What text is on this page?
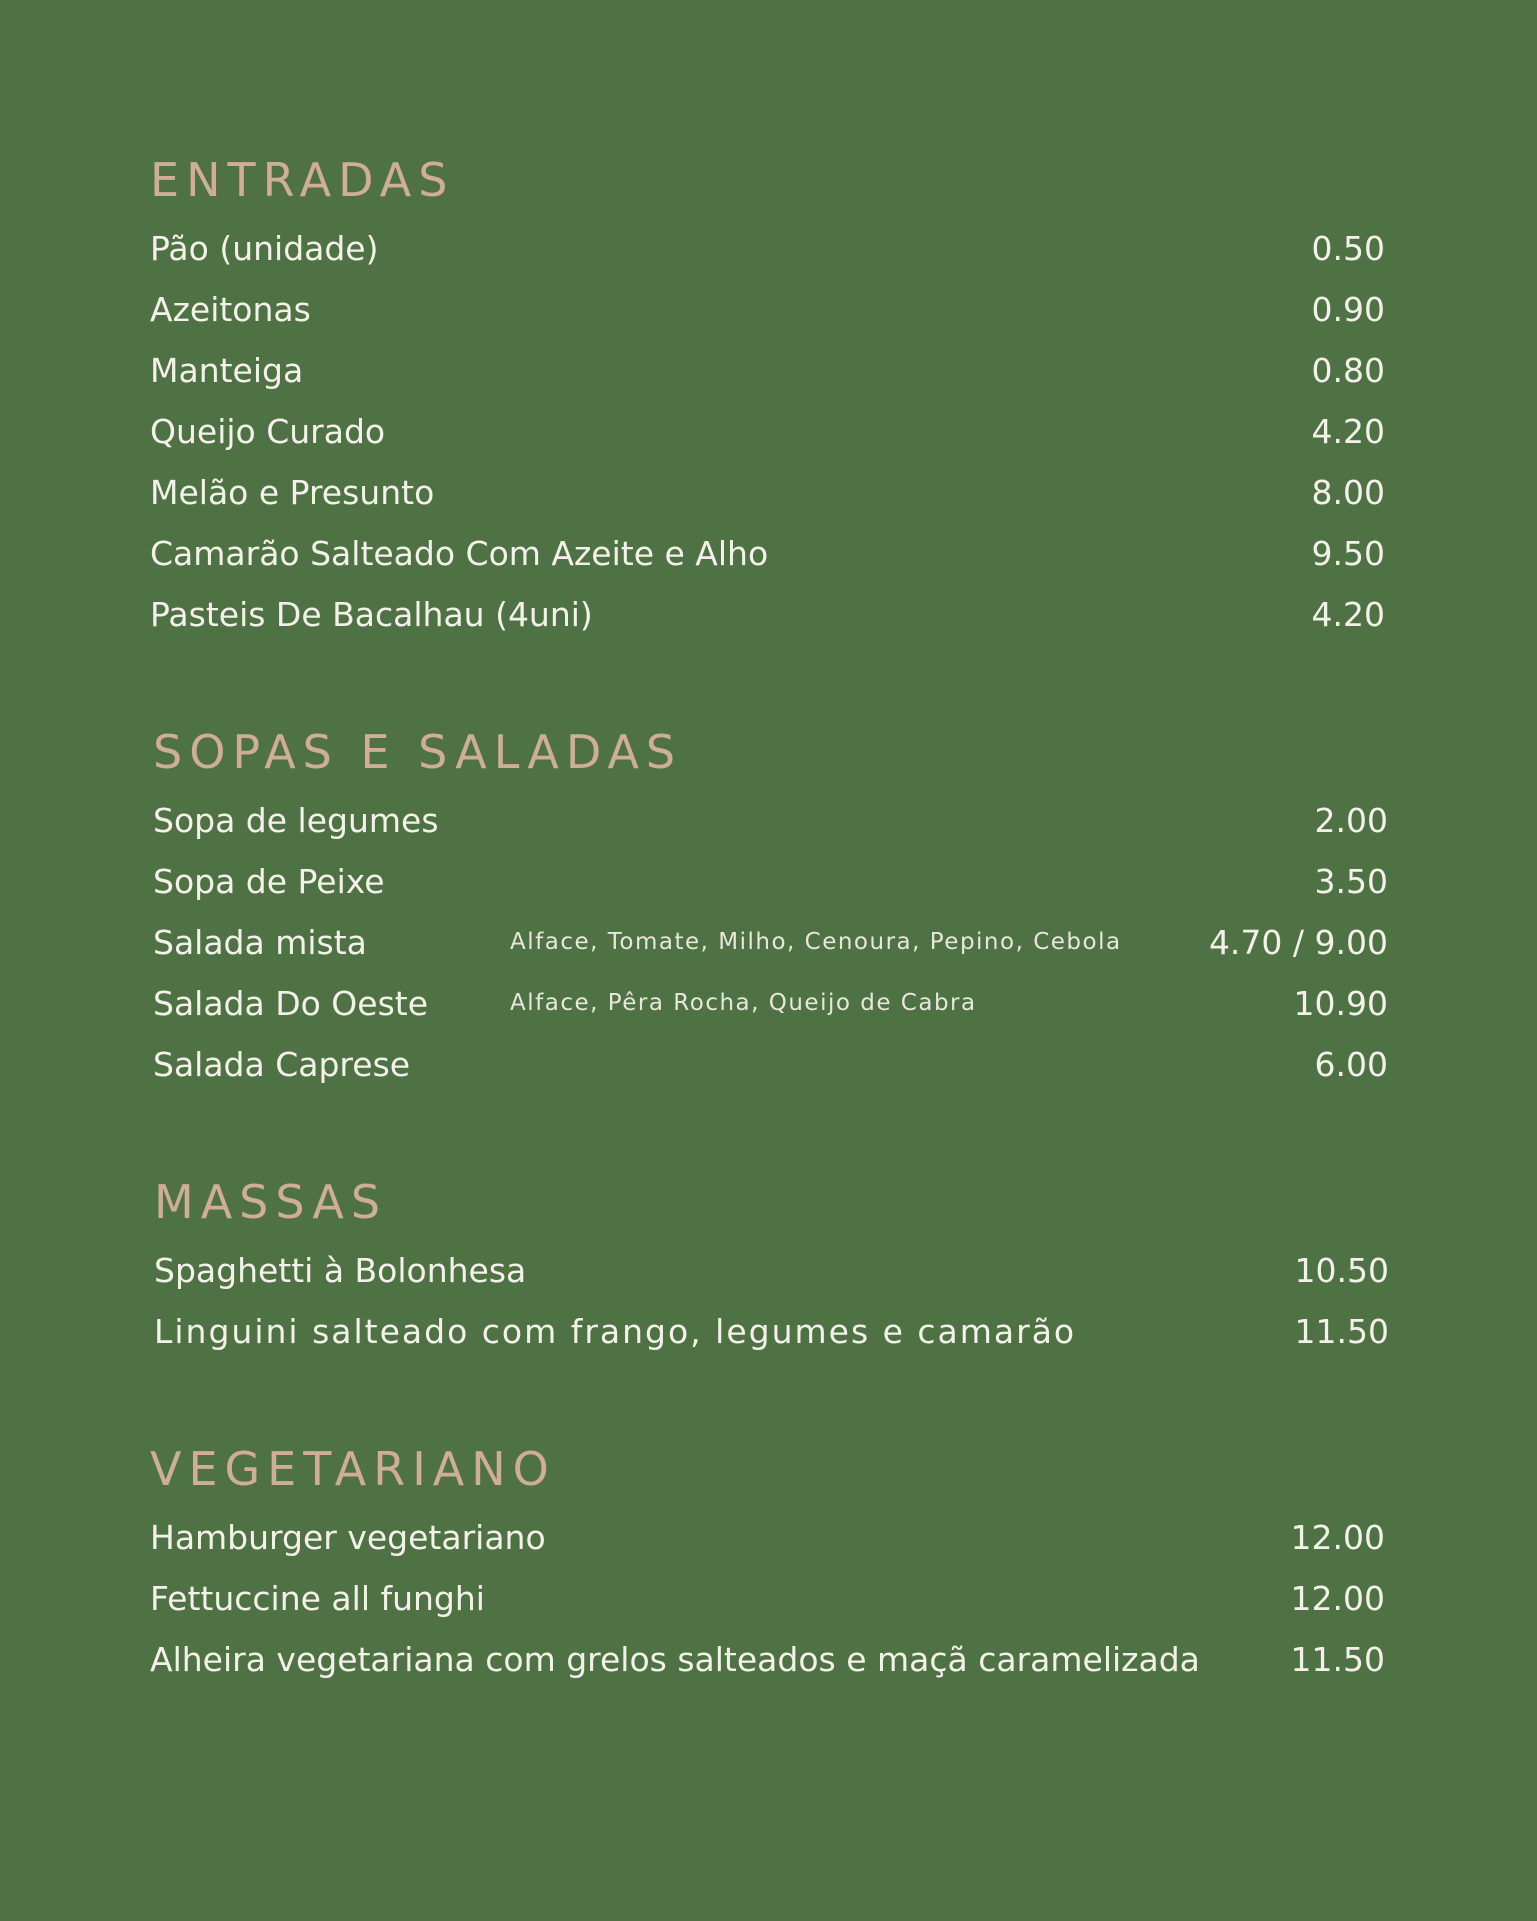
ENTRADAS
Pão (unidade)	0.50
Azeitonas	0.90
Manteiga	0.80
Queijo Curado	4.20
Melão e Presunto	8.00
Camarão Salteado Com Azeite e Alho	9.50
Pasteis De Bacalhau (4uni)	4.20
SOPAS E SALADAS
Sopa de legumes	2.00
Sopa de Peixe	3.50
Salada mista	Alface, Tomate, Milho, Cenoura, Pepino, Cebola	4.70 / 9.00
Salada Do Oeste	Alface, Pêra Rocha, Queijo de Cabra	10.90
Salada Caprese	6.00
MASSAS
Spaghetti à Bolonhesa	10.50
Linguini salteado com frango, legumes e camarão	11.50
VEGETARIANO
Hamburger vegetariano	12.00
Fettuccine all funghi	12.00
Alheira vegetariana com grelos salteados e maçã caramelizada	11.50
